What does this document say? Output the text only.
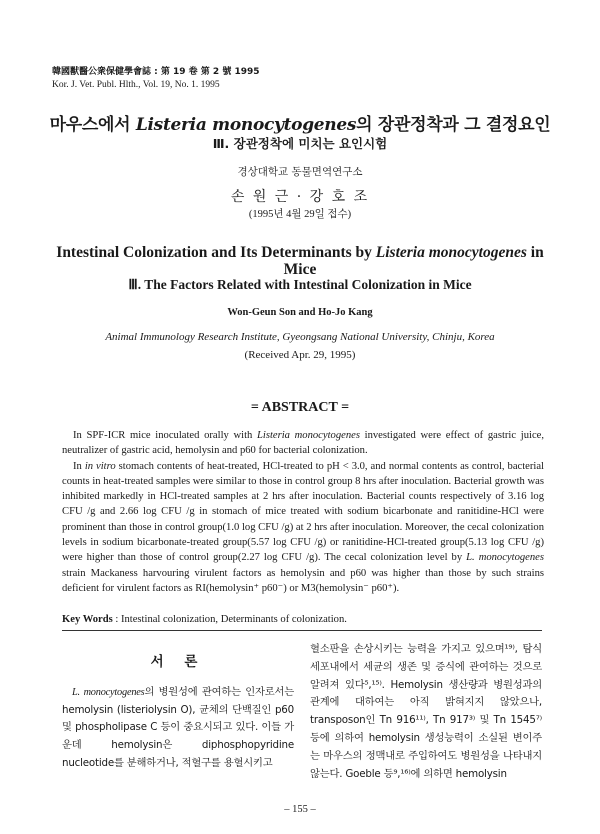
韓國獸醫公衆保健學會誌 : 第 19 卷 第 2 號 1995
Kor. J. Vet. Publ. Hlth., Vol. 19, No. 1. 1995
마우스에서 Listeria monocytogenes의 장관정착과 그 결정요인
Ⅲ. 장관정착에 미치는 요인시험
경상대학교 동물면역연구소
손 원 근 · 강 호 조
(1995년 4월 29일 접수)
Intestinal Colonization and Its Determinants by Listeria monocytogenes in Mice
Ⅲ. The Factors Related with Intestinal Colonization in Mice
Won-Geun Son and Ho-Jo Kang
Animal Immunology Research Institute, Gyeongsang National University, Chinju, Korea
(Received Apr. 29, 1995)
= ABSTRACT =

In SPF-ICR mice inoculated orally with Listeria monocytogenes investigated were effect of gastric juice, neutralizer of gastric acid, hemolysin and p60 for bacterial colonization.

In in vitro stomach contents of heat-treated, HCl-treated to pH < 3.0, and normal contents as control, bacterial counts in heat-treated samples were similar to those in control group 8 hrs after inoculation. Bacterial growth was inhibited markedly in HCl-treated samples at 2 hrs after inoculation. Bacterial counts respectively of 3.16 log CFU /g and 2.66 log CFU /g in stomach of mice treated with sodium bicarbonate and ranitidine-HCl were prominent than those in control group(1.0 log CFU /g) at 2 hrs after inoculation. Moreover, the cecal colonization levels in sodium bicarbonate-treated group(5.57 log CFU /g) or ranitidine-HCl-treated group(5.13 log CFU /g) were higher than those of control group(2.27 log CFU /g). The cecal colonization level by L. monocytogenes strain Mackaness harvouring virulent factors as hemolysin and p60 was higher than those by such strains deficient for virulent factors as RI(hemolysin⁺ p60⁻) or M3(hemolysin⁻ p60⁺).

Key Words : Intestinal colonization, Determinants of colonization.

서 론

L. monocytogenes의 병원성에 관여하는 인자로서는 hemolysin (listeriolysin O), 균체의 단백질인 p60 및 phospholipase C 등이 중요시되고 있다. 이들 가운데 hemolysin은 diphosphopyridine nucleotide를 분해하거나, 적혈구를 용혈시키고

혈소판을 손상시키는 능력을 가지고 있으며¹⁹⁾, 탐식세포내에서 세균의 생존 및 증식에 관여하는 것으로 알려져 있다⁵,¹⁵⁾. Hemolysin 생산량과 병원성과의 관계에 대하여는 아직 밝혀지지 않았으나, transposon인 Tn 916¹¹⁾, Tn 917³⁾ 및 Tn 1545⁷⁾ 등에 의하여 hemolysin 생성능력이 소실된 변이주는 마우스의 정맥내로 주입하여도 병원성을 나타내지 않는다. Goeble 등⁹,¹⁶⁾에 의하면 hemolysin

– 155 –
